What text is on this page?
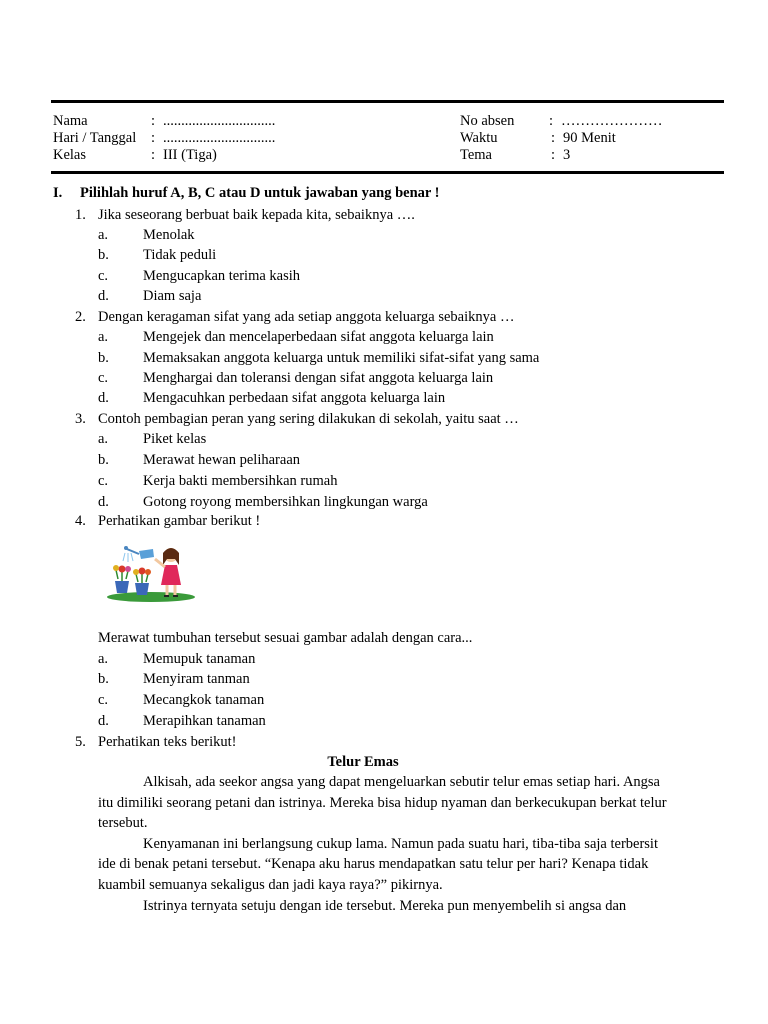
Nama	: ...............................
Hari / Tanggal : ...............................
Kelas	: III (Tiga)
No absen : …………………
Waktu	: 90 Menit
Tema	: 3
I. Pilihlah huruf A, B, C atau D untuk jawaban yang benar !
1. Jika seseorang berbuat baik kepada kita, sebaiknya ….
a. Menolak
b. Tidak peduli
c. Mengucapkan terima kasih
d. Diam saja
2. Dengan keragaman sifat yang ada setiap anggota keluarga sebaiknya …
a. Mengejek dan mencelaperbedaan sifat anggota keluarga lain
b. Memaksakan anggota keluarga untuk memiliki sifat-sifat yang sama
c. Menghargai dan toleransi dengan sifat anggota keluarga lain
d. Mengacuhkan perbedaan sifat anggota keluarga lain
3. Contoh pembagian peran yang sering dilakukan di sekolah, yaitu saat …
a. Piket kelas
b. Merawat hewan peliharaan
c. Kerja bakti membersihkan rumah
d. Gotong royong membersihkan lingkungan warga
4. Perhatikan gambar berikut !
Merawat tumbuhan tersebut sesuai gambar adalah dengan cara...
a. Memupuk tanaman
b. Menyiram tanman
c. Mecangkok tanaman
d. Merapihkan tanaman
5. Perhatikan teks berikut!
Telur Emas

Alkisah, ada seekor angsa yang dapat mengeluarkan sebutir telur emas setiap hari. Angsa itu dimiliki seorang petani dan istrinya. Mereka bisa hidup nyaman dan berkecukupan berkat telur tersebut.

Kenyamanan ini berlangsung cukup lama. Namun pada suatu hari, tiba-tiba saja terbersit ide di benak petani tersebut. “Kenapa aku harus mendapatkan satu telur per hari? Kenapa tidak kuambil semuanya sekaligus dan jadi kaya raya?” pikirnya.

Istrinya ternyata setuju dengan ide tersebut. Mereka pun menyembelih si angsa dan
